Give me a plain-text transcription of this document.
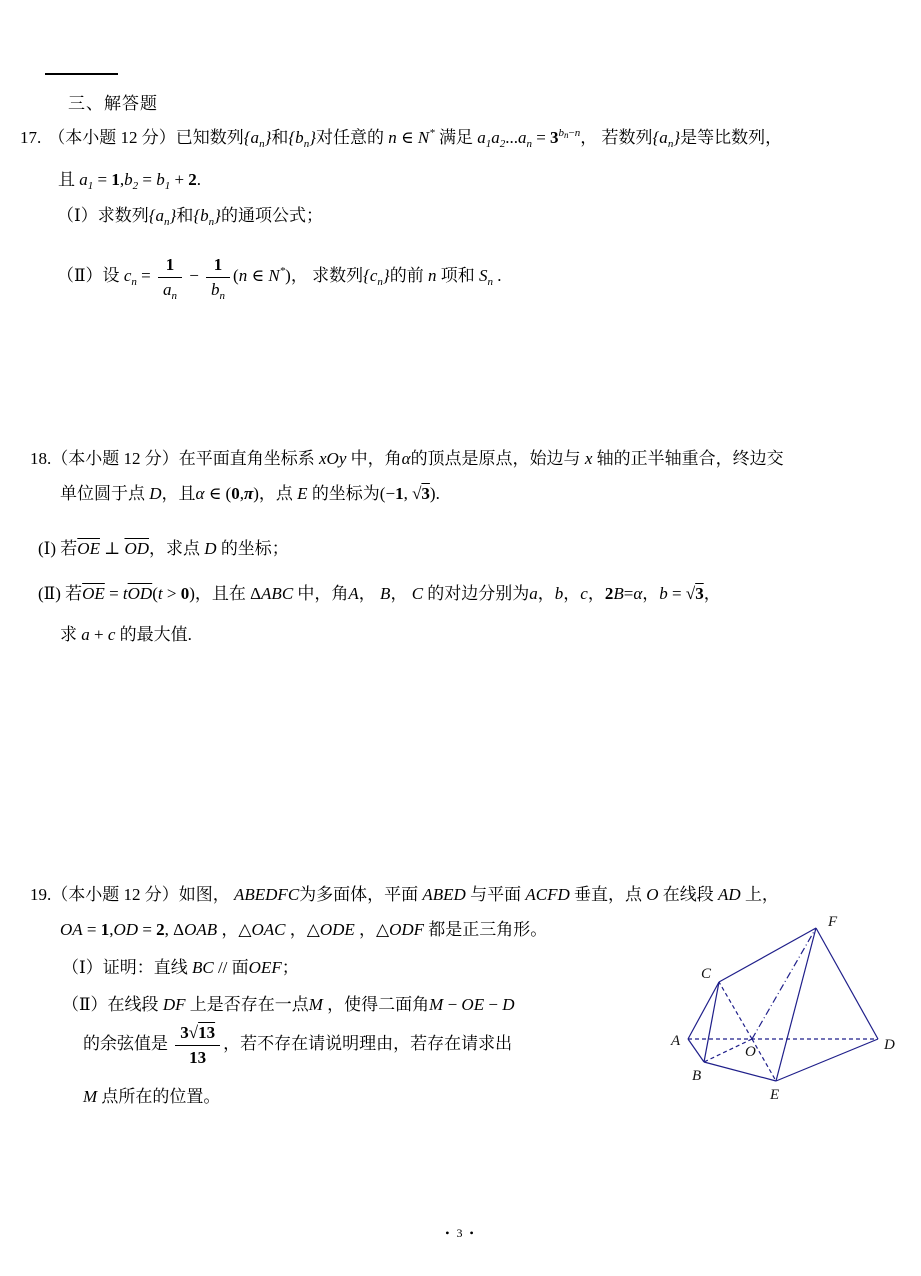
三、解答题
17. （本小题 12 分）已知数列$\{a_n\}$和$\{b_n\}$对任意的 n ∈ N* 满足 $a_1a_2...a_n = 3^{b_n-n}$， 若数列$\{a_n\}$是等比数列，
且 $a_1 = 1,b_2 = b_1 + 2$.
（Ⅰ）求数列$\{a_n\}$和$\{b_n\}$的通项公式；
（Ⅱ）设 $c_n = \frac{1}{a_n} - \frac{1}{b_n} (n$ ∈ N*)， 求数列$\{c_n\}$的前 n 项和 $S_n$ .
18.（本小题 12 分）在平面直角坐标系 xOy 中，角α的顶点是原点，始边与 x 轴的正半轴重合，终边交
单位圆于点 D，且α ∈ (0,π)，点 E 的坐标为(−1, √3).
(Ⅰ) 若$\overline{OE}$ ⊥ $\overline{OD}$，求点 D 的坐标；
(Ⅱ) 若$\overline{OE} = t\overline{OD}(t > 0)$，且在 ΔABC 中，角A， B， C 的对边分别为a，b，c，2B=α，b = √3，
求 a + c 的最大值.
19.（本小题 12 分）如图， ABEDFC为多面体，平面 ABED 与平面 ACFD 垂直，点 O 在线段 AD 上，
OA = 1,OD = 2, ΔOAB ，△OAC ，△ODE ，△ODF 都是正三角形。
（Ⅰ）证明：直线 BC // 面OEF；
（Ⅱ）在线段 DF 上是否存在一点M ，使得二面角M − OE − D
的余弦值是 $\frac{3√13}{13}$ ，若不存在请说明理由，若存在请求出
M 点所在的位置。
A
B
C
O
E
D
F
• 3 •
